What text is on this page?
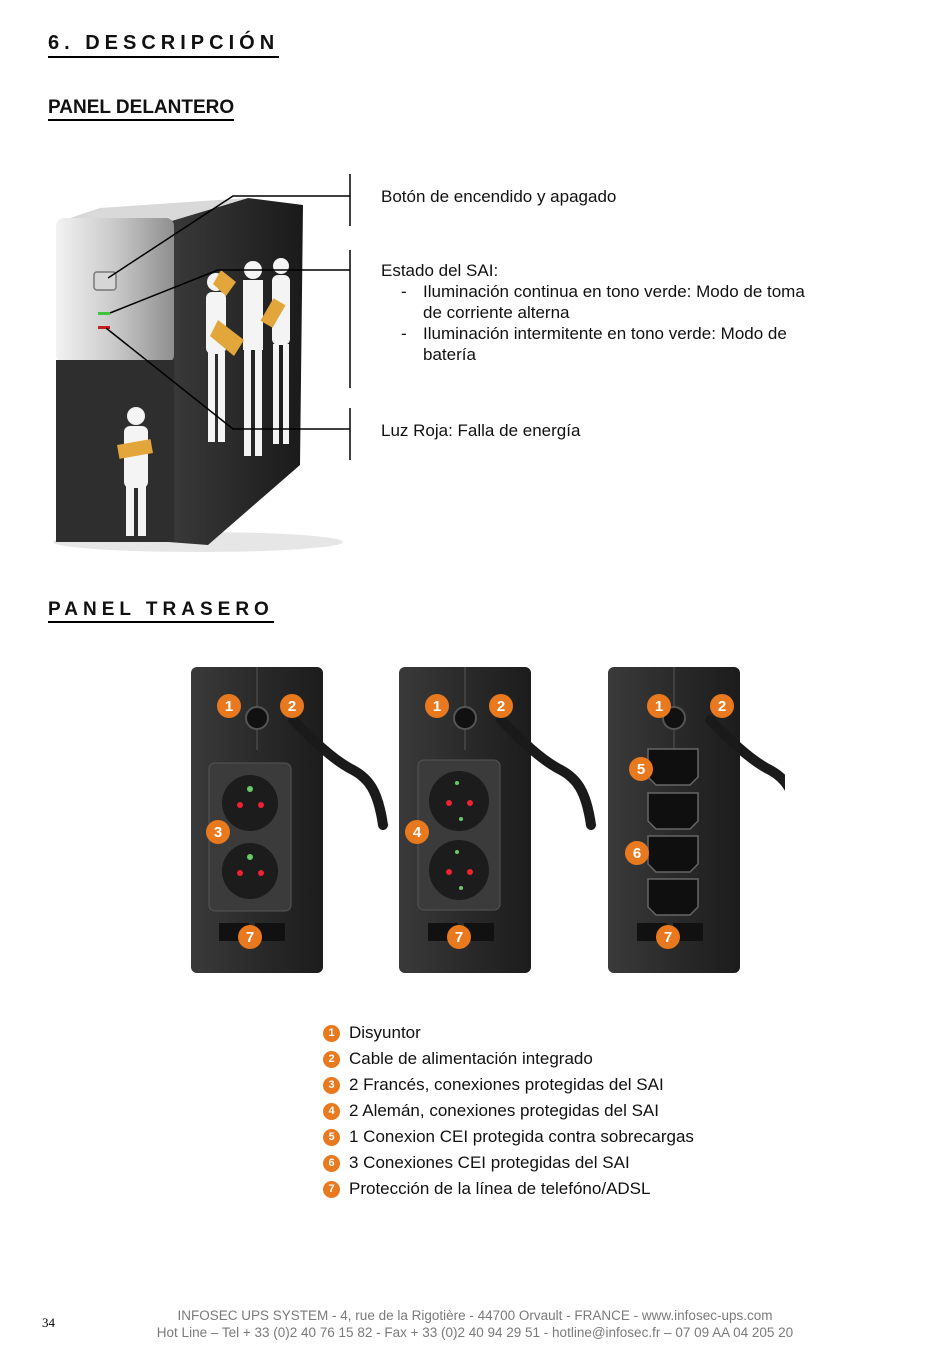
6. DESCRIPCIÓN
PANEL DELANTERO
Botón de encendido y apagado
Estado del SAI:
- Iluminación continua en tono verde: Modo de toma de corriente alterna
- Iluminación intermitente en tono verde: Modo de batería
Luz Roja: Falla de energía
PANEL TRASERO
1	2
3
7
1	2
4
7
1	2
5
6
7
1 Disyuntor
2 Cable de alimentación integrado
3 2 Francés, conexiones protegidas del SAI
4 2 Alemán, conexiones protegidas del SAI
5 1 Conexion CEI protegida contra sobrecargas
6 3 Conexiones CEI protegidas del SAI
7 Protección de la línea de telefóno/ADSL
34	INFOSEC UPS SYSTEM - 4, rue de la Rigotière - 44700 Orvault - FRANCE - www.infosec-ups.com
Hot Line – Tel + 33 (0)2 40 76 15 82 - Fax + 33 (0)2 40 94 29 51 - hotline@infosec.fr – 07 09 AA 04 205 20
